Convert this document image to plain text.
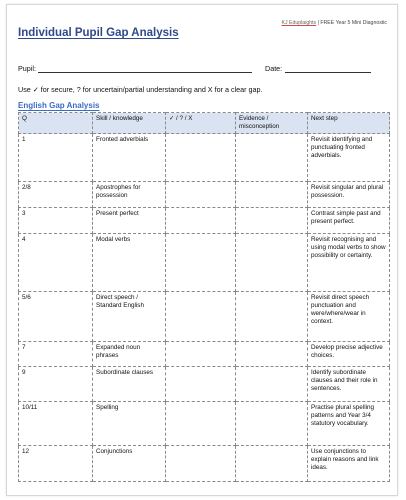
KJ Eduplaights | FREE Year 5 Mini Diagnostic
Individual Pupil Gap Analysis
Pupil:	Date:
Use ✓ for secure, ? for uncertain/partial understanding and X for a clear gap.
English Gap Analysis
Q	Skill / knowledge	✓ / ? / X	Evidence / misconception	Next step
1	Fronted adverbials			Revisit identifying and punctuating fronted adverbials.
2/8	Apostrophes for possession			Revisit singular and plural possession.
3	Present perfect			Contrast simple past and present perfect.
4	Modal verbs			Revisit recognising and using modal verbs to show possibility or certainty.
5/6	Direct speech / Standard English			Revisit direct speech punctuation and were/where/wear in context.
7	Expanded noun phrases			Develop precise adjective choices.
9	Subordinate clauses			Identify subordinate clauses and their role in sentences.
10/11	Spelling			Practise plural spelling patterns and Year 3/4 statutory vocabulary.
12	Conjunctions			Use conjunctions to explain reasons and link ideas.
